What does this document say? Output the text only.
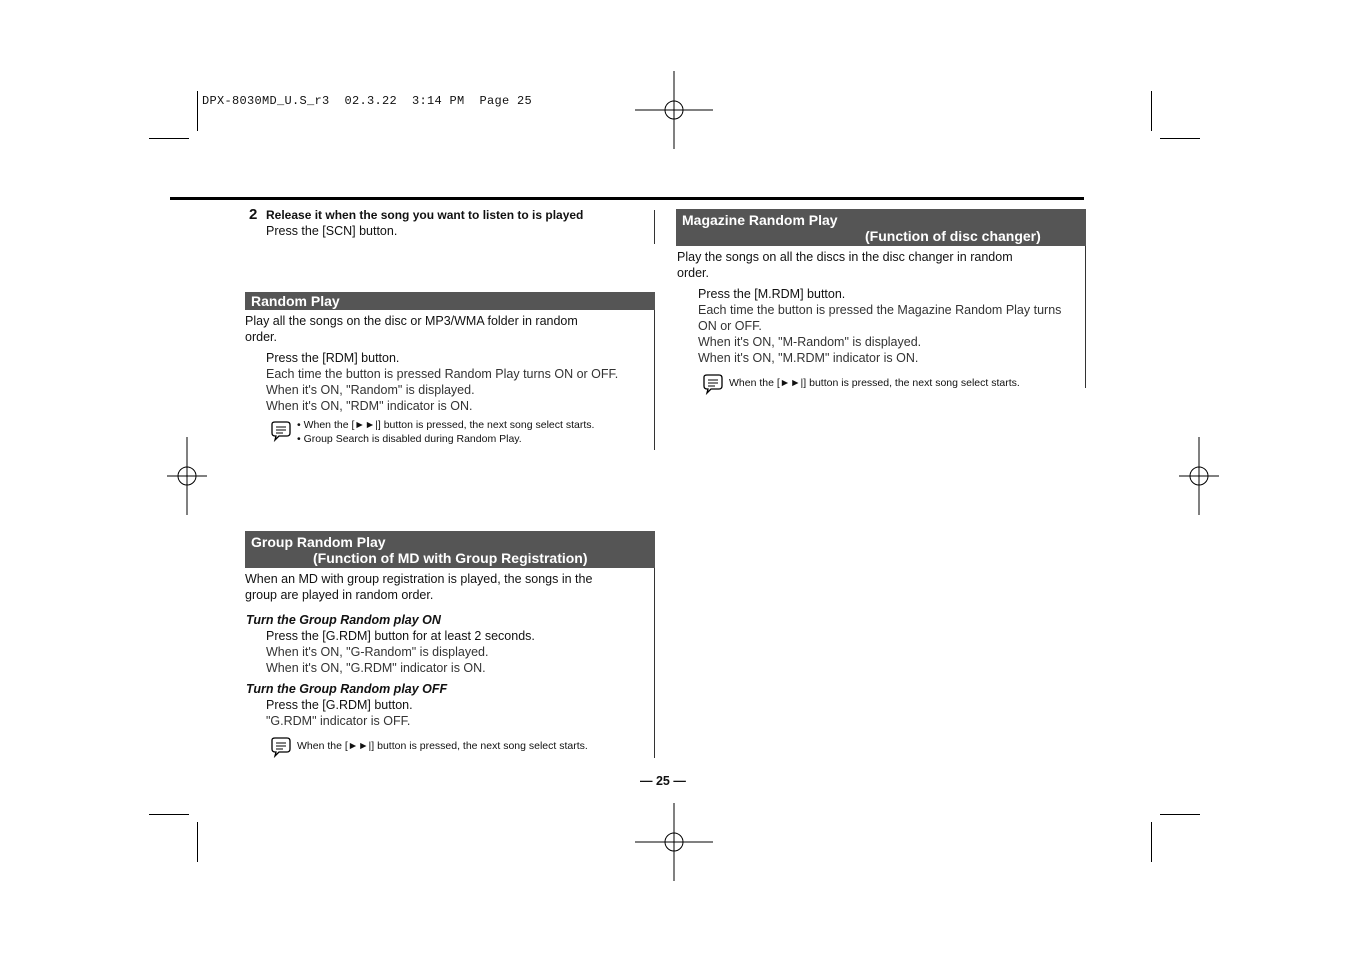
DPX-8030MD_U.S_r3  02.3.22  3:14 PM  Page 25
2 Release it when the song you want to listen to is played
Press the [SCN] button.
Random Play
Play all the songs on the disc or MP3/WMA folder in random
order.
Press the [RDM] button.
Each time the button is pressed Random Play turns ON or OFF.
When it's ON, "Random" is displayed.
When it's ON, "RDM" indicator is ON.
• When the [►►|] button is pressed, the next song select starts.
• Group Search is disabled during Random Play.
Group Random Play
(Function of MD with Group Registration)
When an MD with group registration is played, the songs in the
group are played in random order.
Turn the Group Random play ON
Press the [G.RDM] button for at least 2 seconds.
When it's ON, "G-Random" is displayed.
When it's ON, "G.RDM" indicator is ON.
Turn the Group Random play OFF
Press the [G.RDM] button.
"G.RDM" indicator is OFF.
When the [►►|] button is pressed, the next song select starts.
Magazine Random Play
(Function of disc changer)
Play the songs on all the discs in the disc changer in random
order.
Press the [M.RDM] button.
Each time the button is pressed the Magazine Random Play turns
ON or OFF.
When it's ON, "M-Random" is displayed.
When it's ON, "M.RDM" indicator is ON.
When the [►►|] button is pressed, the next song select starts.
— 25 —
